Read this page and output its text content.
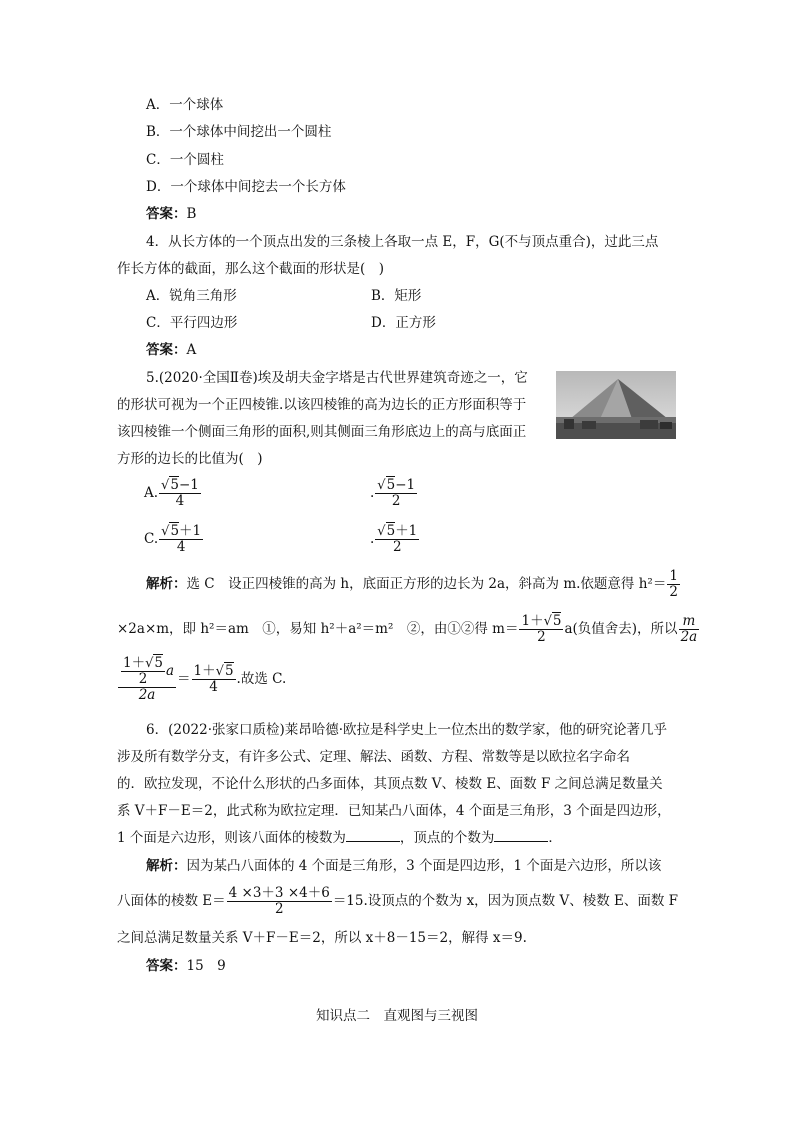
A．一个球体
B．一个球体中间挖出一个圆柱
C．一个圆柱
D．一个球体中间挖去一个长方体
答案：B
4．从长方体的一个顶点出发的三条棱上各取一点 E，F，G(不与顶点重合)，过此三点
作长方体的截面，那么这个截面的形状是(　)
A．锐角三角形	B．矩形
C．平行四边形	D．正方形
答案：A
5.(2020·全国Ⅱ卷)埃及胡夫金字塔是古代世界建筑奇迹之一，它
的形状可视为一个正四棱锥.以该四棱锥的高为边长的正方形面积等于
该四棱锥一个侧面三角形的面积,则其侧面三角形底边上的高与底面正
方形的边长的比值为(　)
A. $\frac{√5-1}{4}$	. $\frac{√5-1}{2}$
C. $\frac{√5+1}{4}$	. $\frac{√5+1}{2}$
解析：选 C　设正四棱锥的高为 h，底面正方形的边长为 2a，斜高为 m.依题意得 $h^2= \frac{1}{2}$
×2a×m，即 h²＝am　①，易知 h²＋a²＝m²　②，由①②得 $m= \frac{1+√5}{2} a$(负值舍去)，所以 $\frac{m}{2a}$
$\frac{\frac{1+√5}{2} a}{2a} = \frac{1+√5}{4}$ .故选 C.
6．(2022·张家口质检)莱昂哈德·欧拉是科学史上一位杰出的数学家，他的研究论著几乎
涉及所有数学分支，有许多公式、定理、解法、函数、方程、常数等是以欧拉名字命名
的．欧拉发现，不论什么形状的凸多面体，其顶点数 V、棱数 E、面数 F 之间总满足数量关
系 V＋F－E＝2，此式称为欧拉定理．已知某凸八面体，4 个面是三角形，3 个面是四边形，
1 个面是六边形，则该八面体的棱数为	，顶点的个数为	．
解析：因为某凸八面体的 4 个面是三角形，3 个面是四边形，1 个面是六边形，所以该
八面体的棱数 $E= \frac{4 \times 3+3 \times 4+6}{2} =15$.设顶点的个数为 x，因为顶点数 V、棱数 E、面数 F
之间总满足数量关系 V＋F－E＝2，所以 x＋8－15＝2，解得 x＝9.
答案：15　9
知识点二　直观图与三视图
